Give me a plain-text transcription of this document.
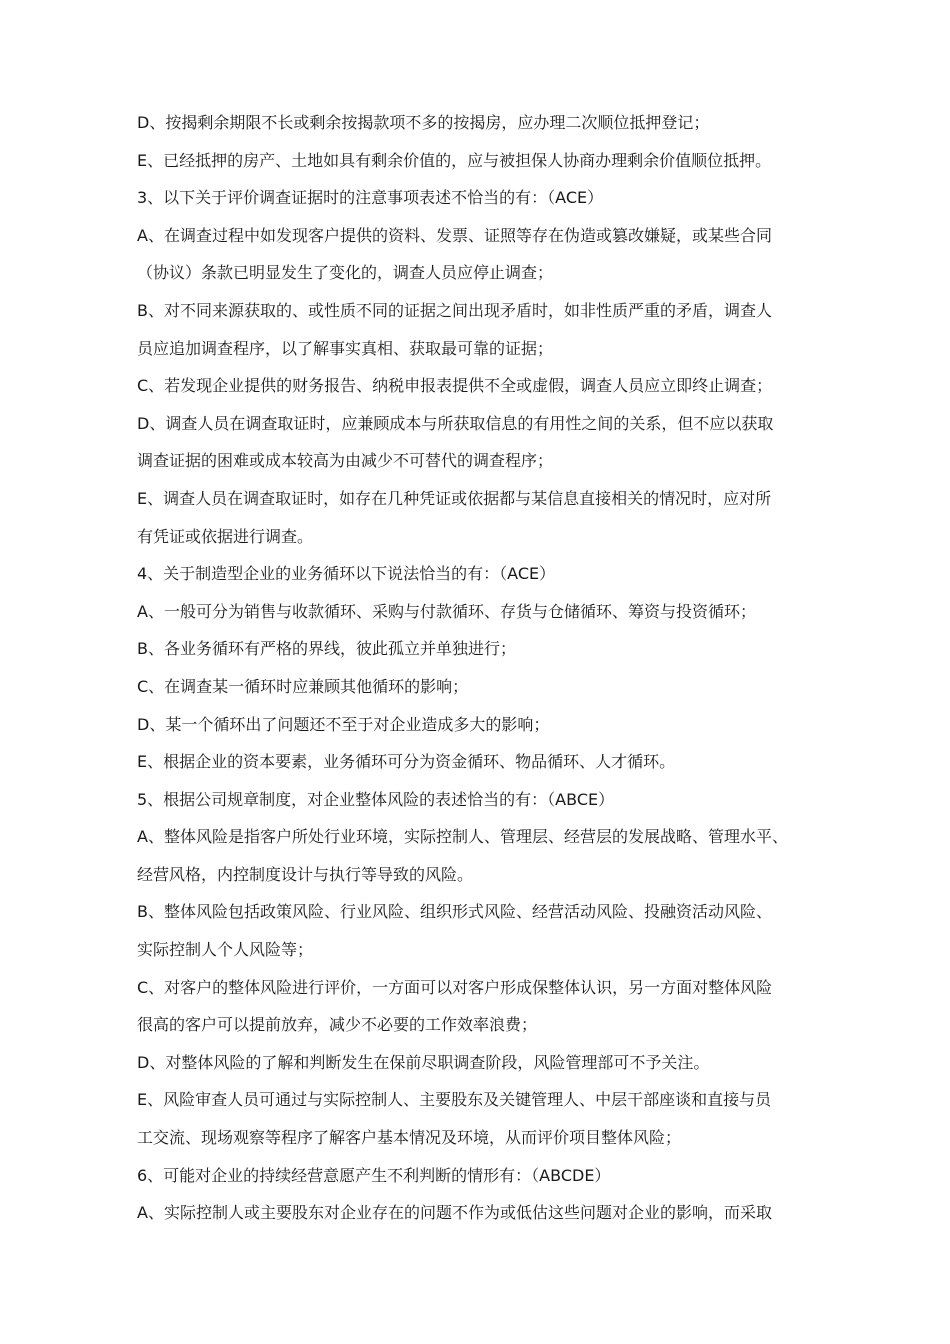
D、按揭剩余期限不长或剩余按揭款项不多的按揭房，应办理二次顺位抵押登记；
E、已经抵押的房产、土地如具有剩余价值的，应与被担保人协商办理剩余价值顺位抵押。
3、以下关于评价调查证据时的注意事项表述不恰当的有：（ACE）
A、在调查过程中如发现客户提供的资料、发票、证照等存在伪造或篡改嫌疑，或某些合同
（协议）条款已明显发生了变化的，调查人员应停止调查；
B、对不同来源获取的、或性质不同的证据之间出现矛盾时，如非性质严重的矛盾，调查人
员应追加调查程序，以了解事实真相、获取最可靠的证据；
C、若发现企业提供的财务报告、纳税申报表提供不全或虚假，调查人员应立即终止调查；
D、调查人员在调查取证时，应兼顾成本与所获取信息的有用性之间的关系，但不应以获取
调查证据的困难或成本较高为由减少不可替代的调查程序；
E、调查人员在调查取证时，如存在几种凭证或依据都与某信息直接相关的情况时，应对所
有凭证或依据进行调查。
4、关于制造型企业的业务循环以下说法恰当的有：（ACE）
A、一般可分为销售与收款循环、采购与付款循环、存货与仓储循环、筹资与投资循环；
B、各业务循环有严格的界线，彼此孤立并单独进行；
C、在调查某一循环时应兼顾其他循环的影响；
D、某一个循环出了问题还不至于对企业造成多大的影响；
E、根据企业的资本要素，业务循环可分为资金循环、物品循环、人才循环。
5、根据公司规章制度，对企业整体风险的表述恰当的有：（ABCE）
A、整体风险是指客户所处行业环境，实际控制人、管理层、经营层的发展战略、管理水平、
经营风格，内控制度设计与执行等导致的风险。
B、整体风险包括政策风险、行业风险、组织形式风险、经营活动风险、投融资活动风险、
实际控制人个人风险等；
C、对客户的整体风险进行评价，一方面可以对客户形成保整体认识，另一方面对整体风险
很高的客户可以提前放弃，减少不必要的工作效率浪费；
D、对整体风险的了解和判断发生在保前尽职调查阶段，风险管理部可不予关注。
E、风险审查人员可通过与实际控制人、主要股东及关键管理人、中层干部座谈和直接与员
工交流、现场观察等程序了解客户基本情况及环境，从而评价项目整体风险；
6、可能对企业的持续经营意愿产生不利判断的情形有：（ABCDE）
A、实际控制人或主要股东对企业存在的问题不作为或低估这些问题对企业的影响，而采取
